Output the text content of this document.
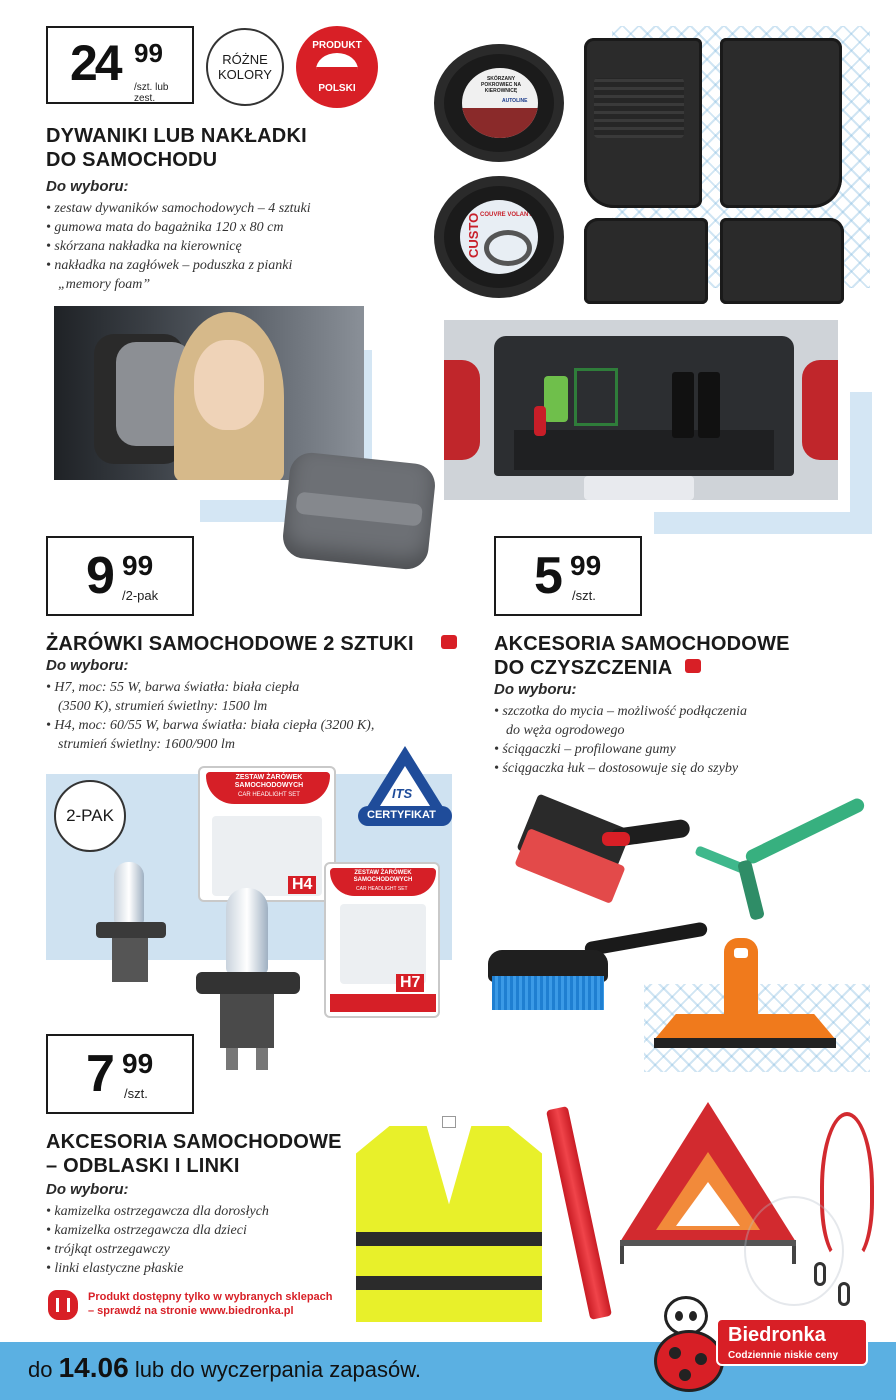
24 99
/szt. lub zest.
RÓŻNE KOLORY
PRODUKT
POLSKI
DYWANIKI LUB NAKŁADKI
DO SAMOCHODU
Do wyboru:
• zestaw dywaników samochodowych – 4 sztuki
• gumowa mata do bagażnika 120 x 80 cm
• skórzana nakładka na kierownicę
• nakładka na zagłówek – poduszka z pianki
„memory foam”
SKÓRZANY POKROWIEC NA KIEROWNICĘ
AUTOLINE
CUSTO COUVRE VOLANT
9 99
/2-pak
ŻARÓWKI SAMOCHODOWE 2 SZTUKI
Do wyboru:
• H7, moc: 55 W, barwa światła: biała ciepła
(3500 K), strumień świetlny: 1500 lm
• H4, moc: 60/55 W, barwa światła: biała ciepła (3200 K),
strumień świetlny: 1600/900 lm
2-PAK
ITS
CERTYFIKAT
ZESTAW ŻARÓWEK SAMOCHODOWYCH
CAR HEADLIGHT SET
H4
ZESTAW ŻARÓWEK SAMOCHODOWYCH
CAR HEADLIGHT SET
H7
5 99
/szt.
AKCESORIA SAMOCHODOWE
DO CZYSZCZENIA
Do wyboru:
• szczotka do mycia – możliwość podłączenia
do węża ogrodowego
• ściągaczki – profilowane gumy
• ściągaczka łuk – dostosowuje się do szyby
7 99
/szt.
AKCESORIA SAMOCHODOWE
– ODBLASKI I LINKI
Do wyboru:
• kamizelka ostrzegawcza dla dorosłych
• kamizelka ostrzegawcza dla dzieci
• trójkąt ostrzegawczy
• linki elastyczne płaskie
Produkt dostępny tylko w wybranych sklepach
– sprawdź na stronie www.biedronka.pl
do 14.06 lub do wyczerpania zapasów.
Biedronka
Codziennie niskie ceny
